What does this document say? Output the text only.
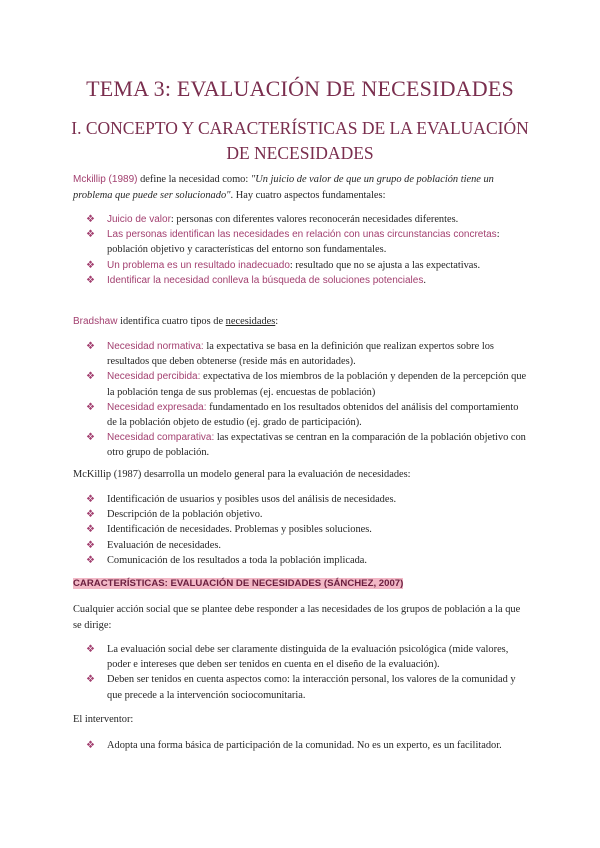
TEMA 3: EVALUACIÓN DE NECESIDADES
I. CONCEPTO Y CARACTERÍSTICAS DE LA EVALUACIÓN DE NECESIDADES

Mckillip (1989) define la necesidad como: "Un juicio de valor de que un grupo de población tiene un problema que puede ser solucionado". Hay cuatro aspectos fundamentales:

❖ Juicio de valor: personas con diferentes valores reconocerán necesidades diferentes.
❖ Las personas identifican las necesidades en relación con unas circunstancias concretas: población objetivo y características del entorno son fundamentales.
❖ Un problema es un resultado inadecuado: resultado que no se ajusta a las expectativas.
❖ Identificar la necesidad conlleva la búsqueda de soluciones potenciales.

Bradshaw identifica cuatro tipos de necesidades:

❖ Necesidad normativa: la expectativa se basa en la definición que realizan expertos sobre los resultados que deben obtenerse (reside más en autoridades).
❖ Necesidad percibida: expectativa de los miembros de la población y dependen de la percepción que la población tenga de sus problemas (ej. encuestas de población)
❖ Necesidad expresada: fundamentado en los resultados obtenidos del análisis del comportamiento de la población objeto de estudio (ej. grado de participación).
❖ Necesidad comparativa: las expectativas se centran en la comparación de la población objetivo con otro grupo de población.

McKillip (1987) desarrolla un modelo general para la evaluación de necesidades:

❖ Identificación de usuarios y posibles usos del análisis de necesidades.
❖ Descripción de la población objetivo.
❖ Identificación de necesidades. Problemas y posibles soluciones.
❖ Evaluación de necesidades.
❖ Comunicación de los resultados a toda la población implicada.

CARACTERÍSTICAS: EVALUACIÓN DE NECESIDADES (SÁNCHEZ, 2007)

Cualquier acción social que se plantee debe responder a las necesidades de los grupos de población a la que se dirige:

❖ La evaluación social debe ser claramente distinguida de la evaluación psicológica (mide valores, poder e intereses que deben ser tenidos en cuenta en el diseño de la evaluación).
❖ Deben ser tenidos en cuenta aspectos como: la interacción personal, los valores de la comunidad y que precede a la intervención sociocomunitaria.

El interventor:

❖ Adopta una forma básica de participación de la comunidad. No es un experto, es un facilitador.
